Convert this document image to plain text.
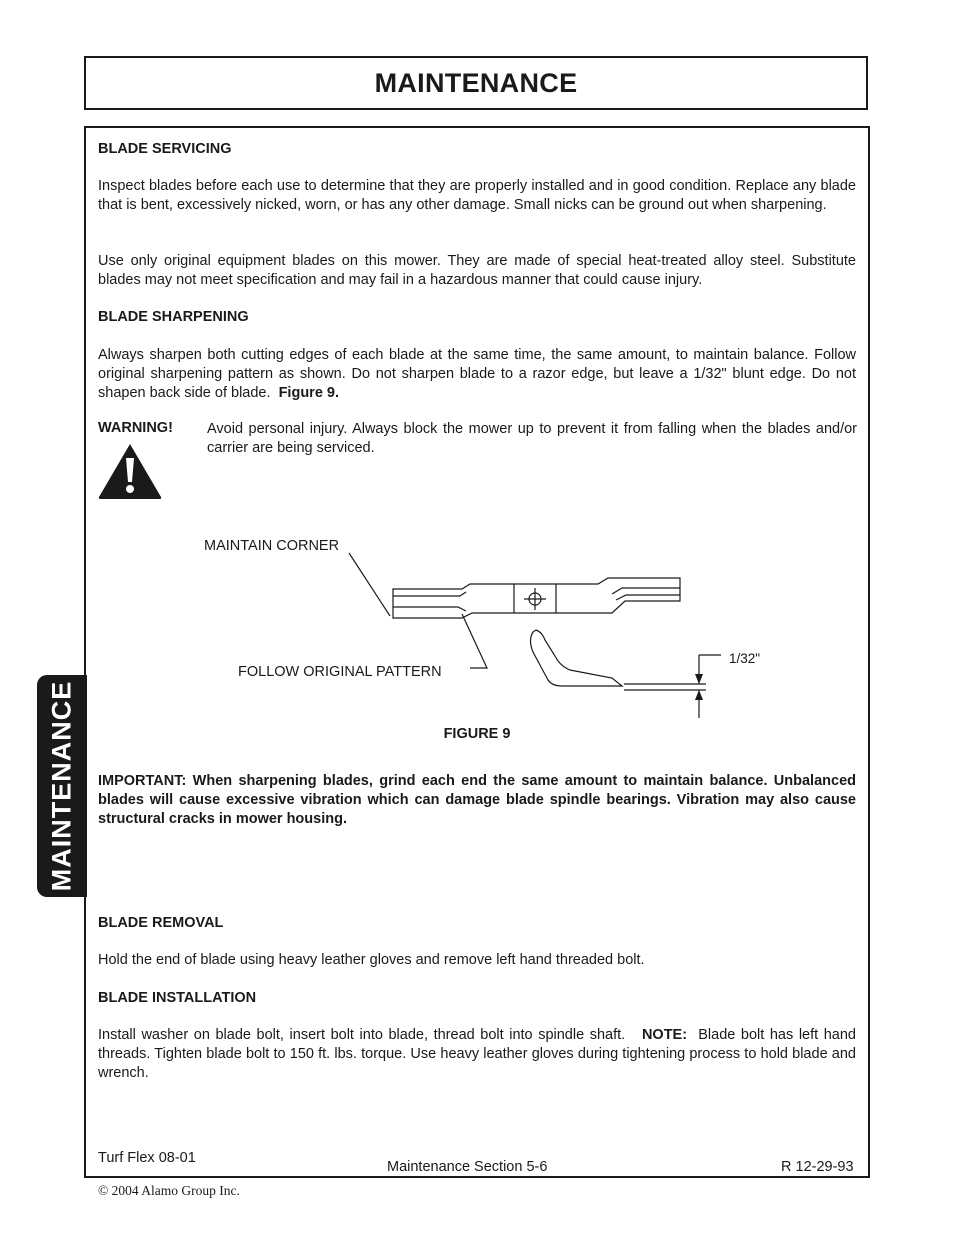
MAINTENANCE
MAINTENANCE

BLADE SERVICING

Inspect blades before each use to determine that they are properly installed and in good condition. Replace any blade that is bent, excessively nicked, worn, or has any other damage. Small nicks can be ground out when sharpening.

Use only original equipment blades on this mower. They are made of special heat-treated alloy steel. Substitute blades may not meet specification and may fail in a hazardous manner that could cause injury.

BLADE SHARPENING

Always sharpen both cutting edges of each blade at the same time, the same amount, to maintain balance. Follow original sharpening pattern as shown. Do not sharpen blade to a razor edge, but leave a 1/32" blunt edge. Do not shapen back side of blade. Figure 9.

WARNING! Avoid personal injury. Always block the mower up to prevent it from falling when the blades and/or carrier are being serviced.

MAINTAIN CORNER
FOLLOW ORIGINAL PATTERN
1/32"
FIGURE 9

IMPORTANT: When sharpening blades, grind each end the same amount to maintain balance. Unbalanced blades will cause excessive vibration which can damage blade spindle bearings. Vibration may also cause structural cracks in mower housing.

BLADE REMOVAL

Hold the end of blade using heavy leather gloves and remove left hand threaded bolt.

BLADE INSTALLATION

Install washer on blade bolt, insert bolt into blade, thread bolt into spindle shaft. NOTE: Blade bolt has left hand threads. Tighten blade bolt to 150 ft. lbs. torque. Use heavy leather gloves during tightening process to hold blade and wrench.

Turf Flex 08-01
Maintenance Section 5-6	R 12-29-93
© 2004 Alamo Group Inc.
